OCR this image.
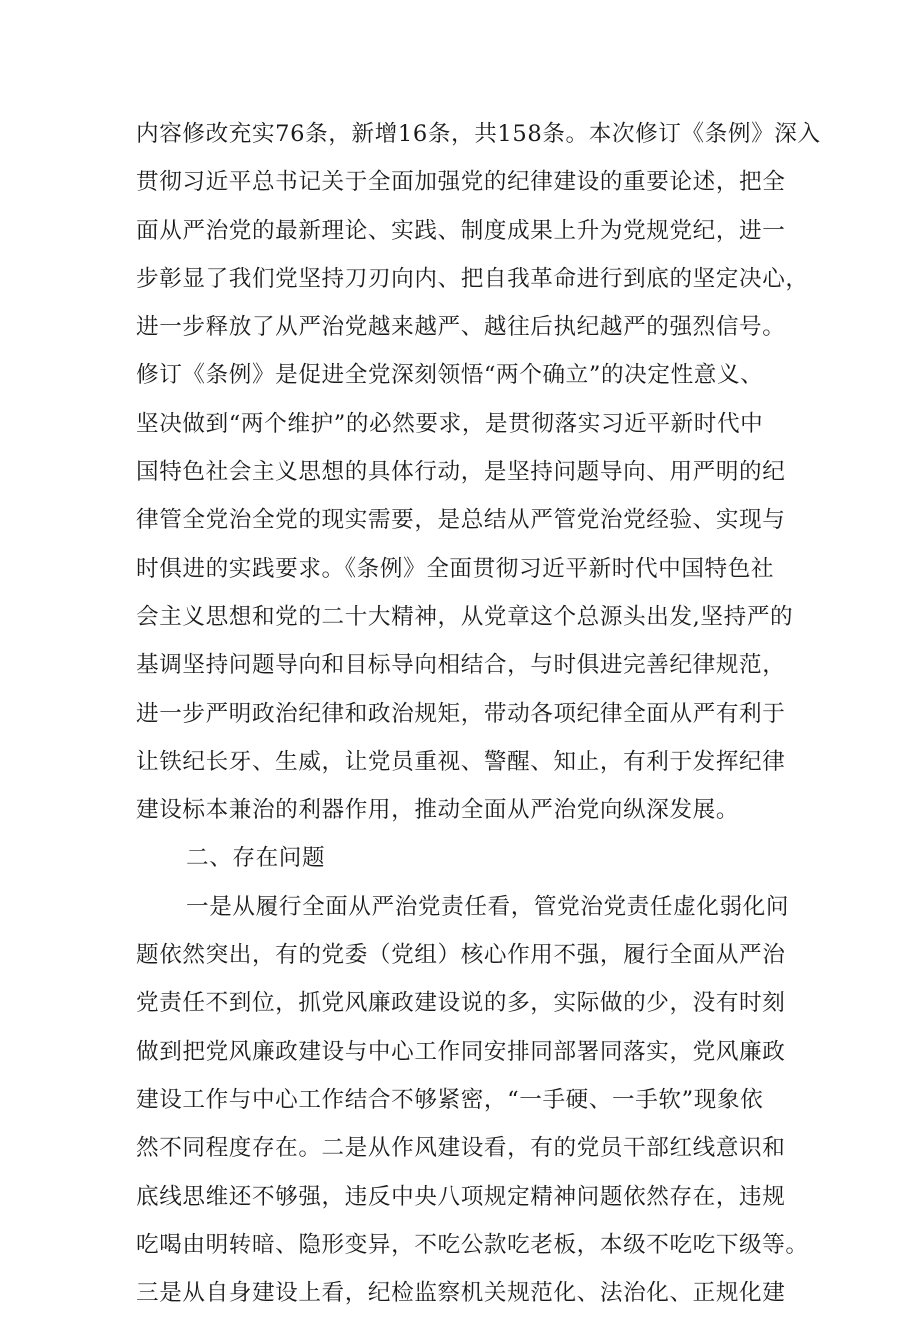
内容修改充实76条，新增16条，共158条。本次修订《条例》深入
贯彻习近平总书记关于全面加强党的纪律建设的重要论述，把全
面从严治党的最新理论、实践、制度成果上升为党规党纪，进一
步彰显了我们党坚持刀刃向内、把自我革命进行到底的坚定决心，
进一步释放了从严治党越来越严、越往后执纪越严的强烈信号。
修订《条例》是促进全党深刻领悟“两个确立”的决定性意义、
坚决做到“两个维护”的必然要求，是贯彻落实习近平新时代中
国特色社会主义思想的具体行动，是坚持问题导向、用严明的纪
律管全党治全党的现实需要，是总结从严管党治党经验、实现与
时俱进的实践要求。《条例》全面贯彻习近平新时代中国特色社
会主义思想和党的二十大精神，从党章这个总源头出发,坚持严的
基调坚持问题导向和目标导向相结合，与时俱进完善纪律规范，
进一步严明政治纪律和政治规矩，带动各项纪律全面从严有利于
让铁纪长牙、生威，让党员重视、警醒、知止，有利于发挥纪律
建设标本兼治的利器作用，推动全面从严治党向纵深发展。
二、存在问题
一是从履行全面从严治党责任看，管党治党责任虚化弱化问
题依然突出，有的党委（党组）核心作用不强，履行全面从严治
党责任不到位，抓党风廉政建设说的多，实际做的少，没有时刻
做到把党风廉政建设与中心工作同安排同部署同落实，党风廉政
建设工作与中心工作结合不够紧密，“一手硬、一手软”现象依
然不同程度存在。二是从作风建设看，有的党员干部红线意识和
底线思维还不够强，违反中央八项规定精神问题依然存在，违规
吃喝由明转暗、隐形变异，不吃公款吃老板，本级不吃吃下级等。
三是从自身建设上看，纪检监察机关规范化、法治化、正规化建
